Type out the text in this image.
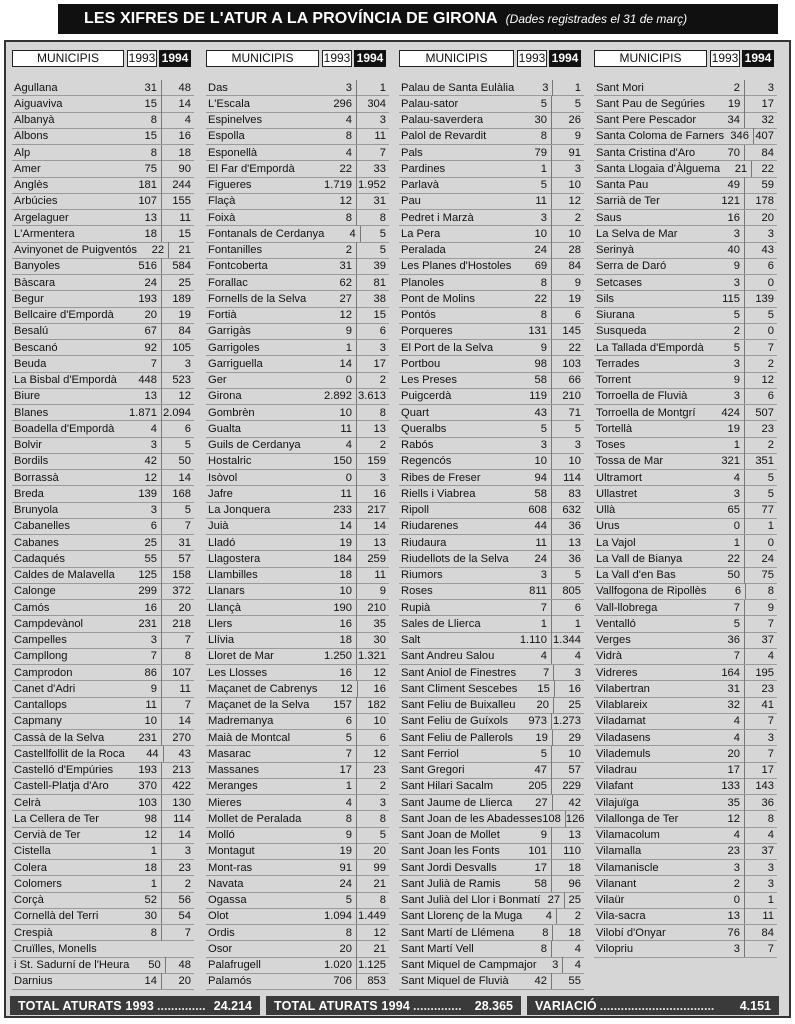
LES XIFRES DE L'ATUR A LA PROVÍNCIA DE GIRONA (Dades registrades el 31 de març)
MUNICIPIS	1993 1994
Agullana	31	48
Aiguaviva	15	14
Albanyà	8	4
Albons	15	16
Alp	8	18
Amer	75	90
Anglès	181	244
Arbúcies	107	155
Argelaguer	13	11
L'Armentera	18	15
Avinyonet de Puigventós	22	21
Banyoles	516	584
Bàscara	24	25
Begur	193	189
Bellcaire d'Empordà	20	19
Besalú	67	84
Bescanó	92	105
Beuda	7	3
La Bisbal d'Empordà	448	523
Biure	13	12
Blanes	1.871 2.094
Boadella d'Empordà	4	6
Bolvir	3	5
Bordils	42	50
Borrassà	12	14
Breda	139	168
Brunyola	3	5
Cabanelles	6	7
Cabanes	25	31
Cadaqués	55	57
Caldes de Malavella	125	158
Calonge	299	372
Camós	16	20
Campdevànol	231	218
Campelles	3	7
Campllong	7	8
Camprodon	86	107
Canet d'Adri	9	11
Cantallops	11	7
Capmany	10	14
Cassà de la Selva	231	270
Castellfollit de la Roca	44	43
Castelló d'Empúries	193	213
Castell-Platja d'Aro	370	422
Celrà	103	130
La Cellera de Ter	98	114
Cervià de Ter	12	14
Cistella	1	3
Colera	18	23
Colomers	1	2
Corçà	52	56
Cornellà del Terri	30	54
Crespià	8	7
Cruïlles, Monells
i St. Sadurní de l'Heura	50	48
Darnius	14	20
MUNICIPIS	1993 1994
Das	3	1
L'Escala	296	304
Espinelves	4	3
Espolla	8	11
Esponellà	4	7
El Far d'Empordà	22	33
Figueres	1.719 1.952
Flaçà	12	31
Foixà	8	8
Fontanals de Cerdanya	4	5
Fontanilles	2	5
Fontcoberta	31	39
Forallac	62	81
Fornells de la Selva	27	38
Fortià	12	15
Garrigàs	9	6
Garrigoles	1	3
Garriguella	14	17
Ger	0	2
Girona	2.892 3.613
Gombrèn	10	8
Gualta	11	13
Guils de Cerdanya	4	2
Hostalric	150	159
Isòvol	0	3
Jafre	11	16
La Jonquera	233	217
Juià	14	14
Lladó	19	13
Llagostera	184	259
Llambilles	18	11
Llanars	10	9
Llançà	190	210
Llers	16	35
Llívia	18	30
Lloret de Mar	1.250 1.321
Les Llosses	16	12
Maçanet de Cabrenys	12	16
Maçanet de la Selva	157	182
Madremanya	6	10
Maià de Montcal	5	6
Masarac	7	12
Massanes	17	23
Meranges	1	2
Mieres	4	3
Mollet de Peralada	8	8
Molló	9	5
Montagut	19	20
Mont-ras	91	99
Navata	24	21
Ogassa	5	8
Olot	1.094 1.449
Ordis	8	12
Osor	20	21
Palafrugell	1.020 1.125
Palamós	706	853
MUNICIPIS	1993 1994
Palau de Santa Eulàlia	3	1
Palau-sator	5	5
Palau-saverdera	30	26
Palol de Revardit	8	9
Pals	79	91
Pardines	1	3
Parlavà	5	10
Pau	11	12
Pedret i Marzà	3	2
La Pera	10	10
Peralada	24	28
Les Planes d'Hostoles	69	84
Planoles	8	9
Pont de Molins	22	19
Pontós	8	6
Porqueres	131	145
El Port de la Selva	9	22
Portbou	98	103
Les Preses	58	66
Puigcerdà	119	210
Quart	43	71
Queralbs	5	5
Rabós	3	3
Regencós	10	10
Ribes de Freser	94	114
Riells i Viabrea	58	83
Ripoll	608	632
Riudarenes	44	36
Riudaura	11	13
Riudellots de la Selva	24	36
Riumors	3	5
Roses	811	805
Rupià	7	6
Sales de Llierca	1	1
Salt	1.110 1.344
Sant Andreu Salou	4	4
Sant Aniol de Finestres	7	3
Sant Climent Sescebes	15	16
Sant Feliu de Buixalleu	20	25
Sant Feliu de Guíxols	973 1.273
Sant Feliu de Pallerols	19	29
Sant Ferriol	5	10
Sant Gregori	47	57
Sant Hilari Sacalm	205	229
Sant Jaume de Llierca	27	42
Sant Joan de les Abadesses 108 126
Sant Joan de Mollet	9	13
Sant Joan les Fonts	101	110
Sant Jordi Desvalls	17	18
Sant Julià de Ramis	58	96
Sant Julià del Llor i Bonmatí 27 25
Sant Llorenç de la Muga	4	2
Sant Martí de Llémena	8	18
Sant Martí Vell	8	4
Sant Miquel de Campmajor	3	4
Sant Miquel de Fluvià	42	55
MUNICIPIS	1993 1994
Sant Mori	2	3
Sant Pau de Segúries	19	17
Sant Pere Pescador	34	32
Santa Coloma de Farners 346 407
Santa Cristina d'Aro	70	84
Santa Llogaia d'Àlguema	21	22
Santa Pau	49	59
Sarrià de Ter	121	178
Saus	16	20
La Selva de Mar	3	3
Serinyà	40	43
Serra de Daró	9	6
Setcases	3	0
Sils	115	139
Siurana	5	5
Susqueda	2	0
La Tallada d'Empordà	5	7
Terrades	3	2
Torrent	9	12
Torroella de Fluvià	3	6
Torroella de Montgrí	424	507
Tortellà	19	23
Toses	1	2
Tossa de Mar	321	351
Ultramort	4	5
Ullastret	3	5
Ullà	65	77
Urus	0	1
La Vajol	1	0
La Vall de Bianya	22	24
La Vall d'en Bas	50	75
Vallfogona de Ripollès	6	8
Vall-llobrega	7	9
Ventalló	5	7
Verges	36	37
Vidrà	7	4
Vidreres	164	195
Vilabertran	31	23
Vilablareix	32	41
Viladamat	4	7
Viladasens	4	3
Vilademuls	20	7
Viladrau	17	17
Vilafant	133	143
Vilajuïga	35	36
Vilallonga de Ter	12	8
Vilamacolum	4	4
Vilamalla	23	37
Vilamaniscle	3	3
Vilanant	2	3
Vilaür	0	1
Vila-sacra	13	11
Vilobí d'Onyar	76	84
Vilopriu	3	7
TOTAL ATURATS 1993 .............. 24.214 TOTAL ATURATS 1994 ..............	28.365 VARIACIÓ .................................	4.151
